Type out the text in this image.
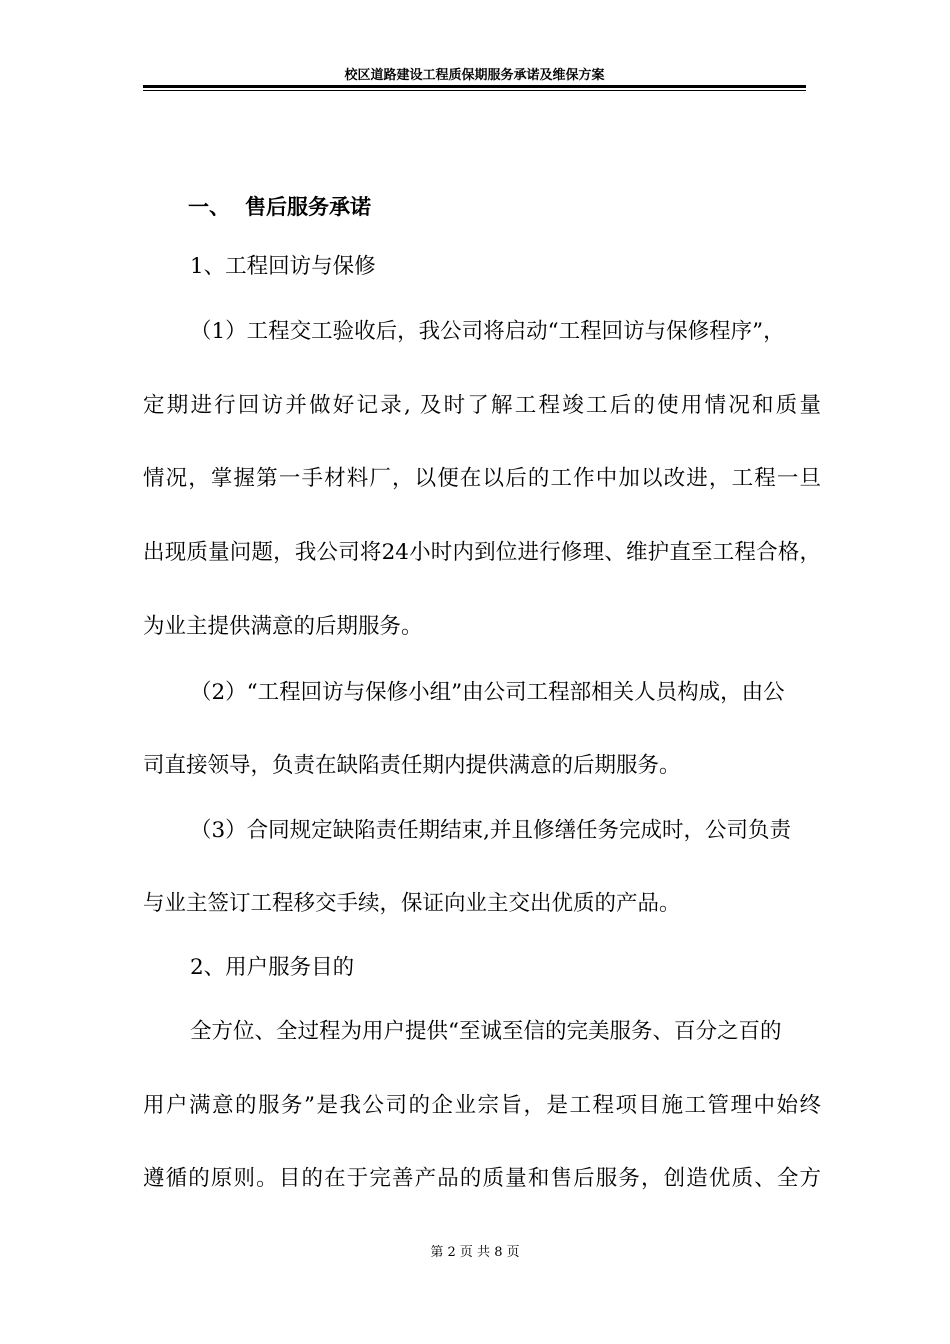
校区道路建设工程质保期服务承诺及维保方案
一、 售后服务承诺
1、工程回访与保修
（1）工程交工验收后，我公司将启动“工程回访与保修程序”，
定期进行回访并做好记录, 及时了解工程竣工后的使用情况和质量
情况，掌握第一手材料厂，以便在以后的工作中加以改进，工程一旦
出现质量问题，我公司将24小时内到位进行修理、维护直至工程合格，
为业主提供满意的后期服务。
（2）“工程回访与保修小组”由公司工程部相关人员构成，由公
司直接领导，负责在缺陷责任期内提供满意的后期服务。
（3）合同规定缺陷责任期结束,并且修缮任务完成时，公司负责
与业主签订工程移交手续，保证向业主交出优质的产品。
2、用户服务目的
全方位、全过程为用户提供“至诚至信的完美服务、百分之百的
用户满意的服务”是我公司的企业宗旨，是工程项目施工管理中始终
遵循的原则。目的在于完善产品的质量和售后服务，创造优质、全方
第 2 页 共 8 页
